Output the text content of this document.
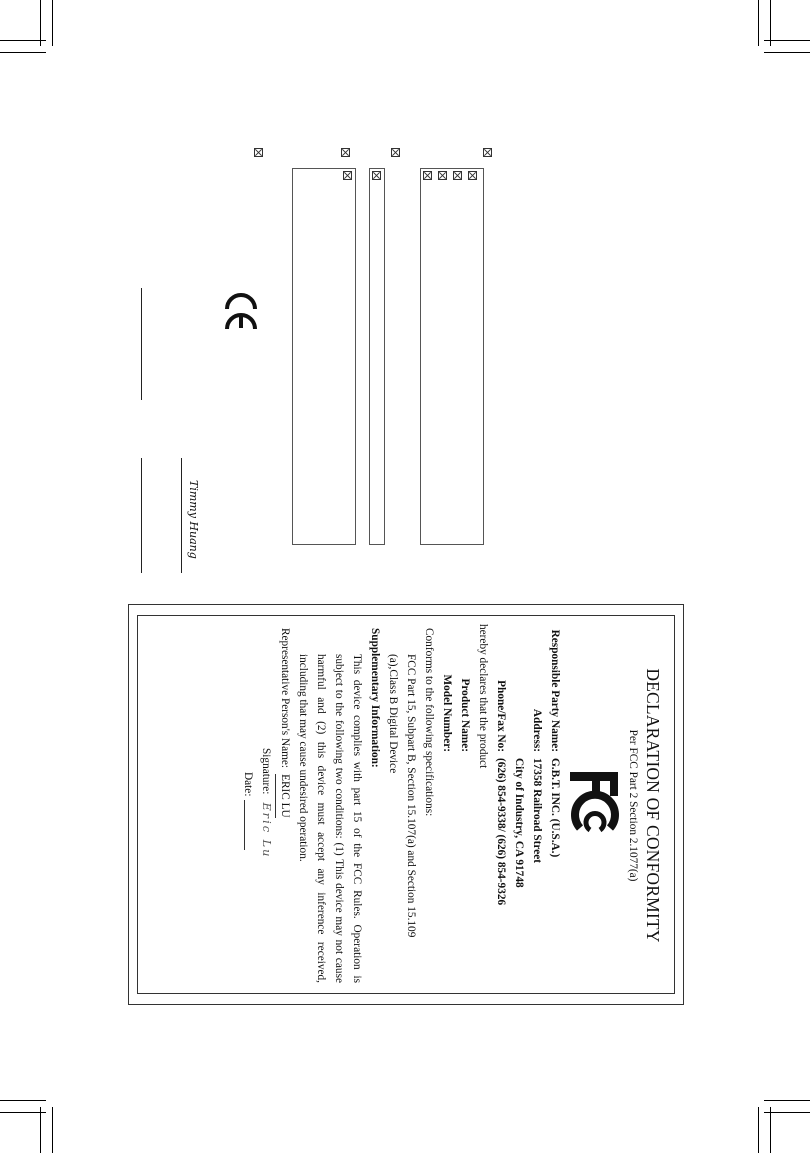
Timmy Huang
DECLARATION OF CONFORMITY
Per FCC Part 2 Section 2.1077(a)
Responsible Party Name:
G.B.T. INC. (U.S.A.)
Address:
17358 Railroad Street
City of Industry, CA 91748
Phone/Fax No:
(626) 854-9338/ (626) 854-9326
hereby declares that the product
Product Name:
Model Number:
Conforms to the following specifications:
FCC Part 15, Subpart B, Section 15.107(a) and Section 15.109
(a),Class B Digital Device
Supplementary Information:
This device complies with part 15 of the FCC Rules. Operation is subject to the following two conditions: (1) This device may not cause harmful and (2) this device must accept any inference received, including that may cause undesired operation.
Representative Person's Name:
ERIC LU
Signature:
Eric Lu
Date:
